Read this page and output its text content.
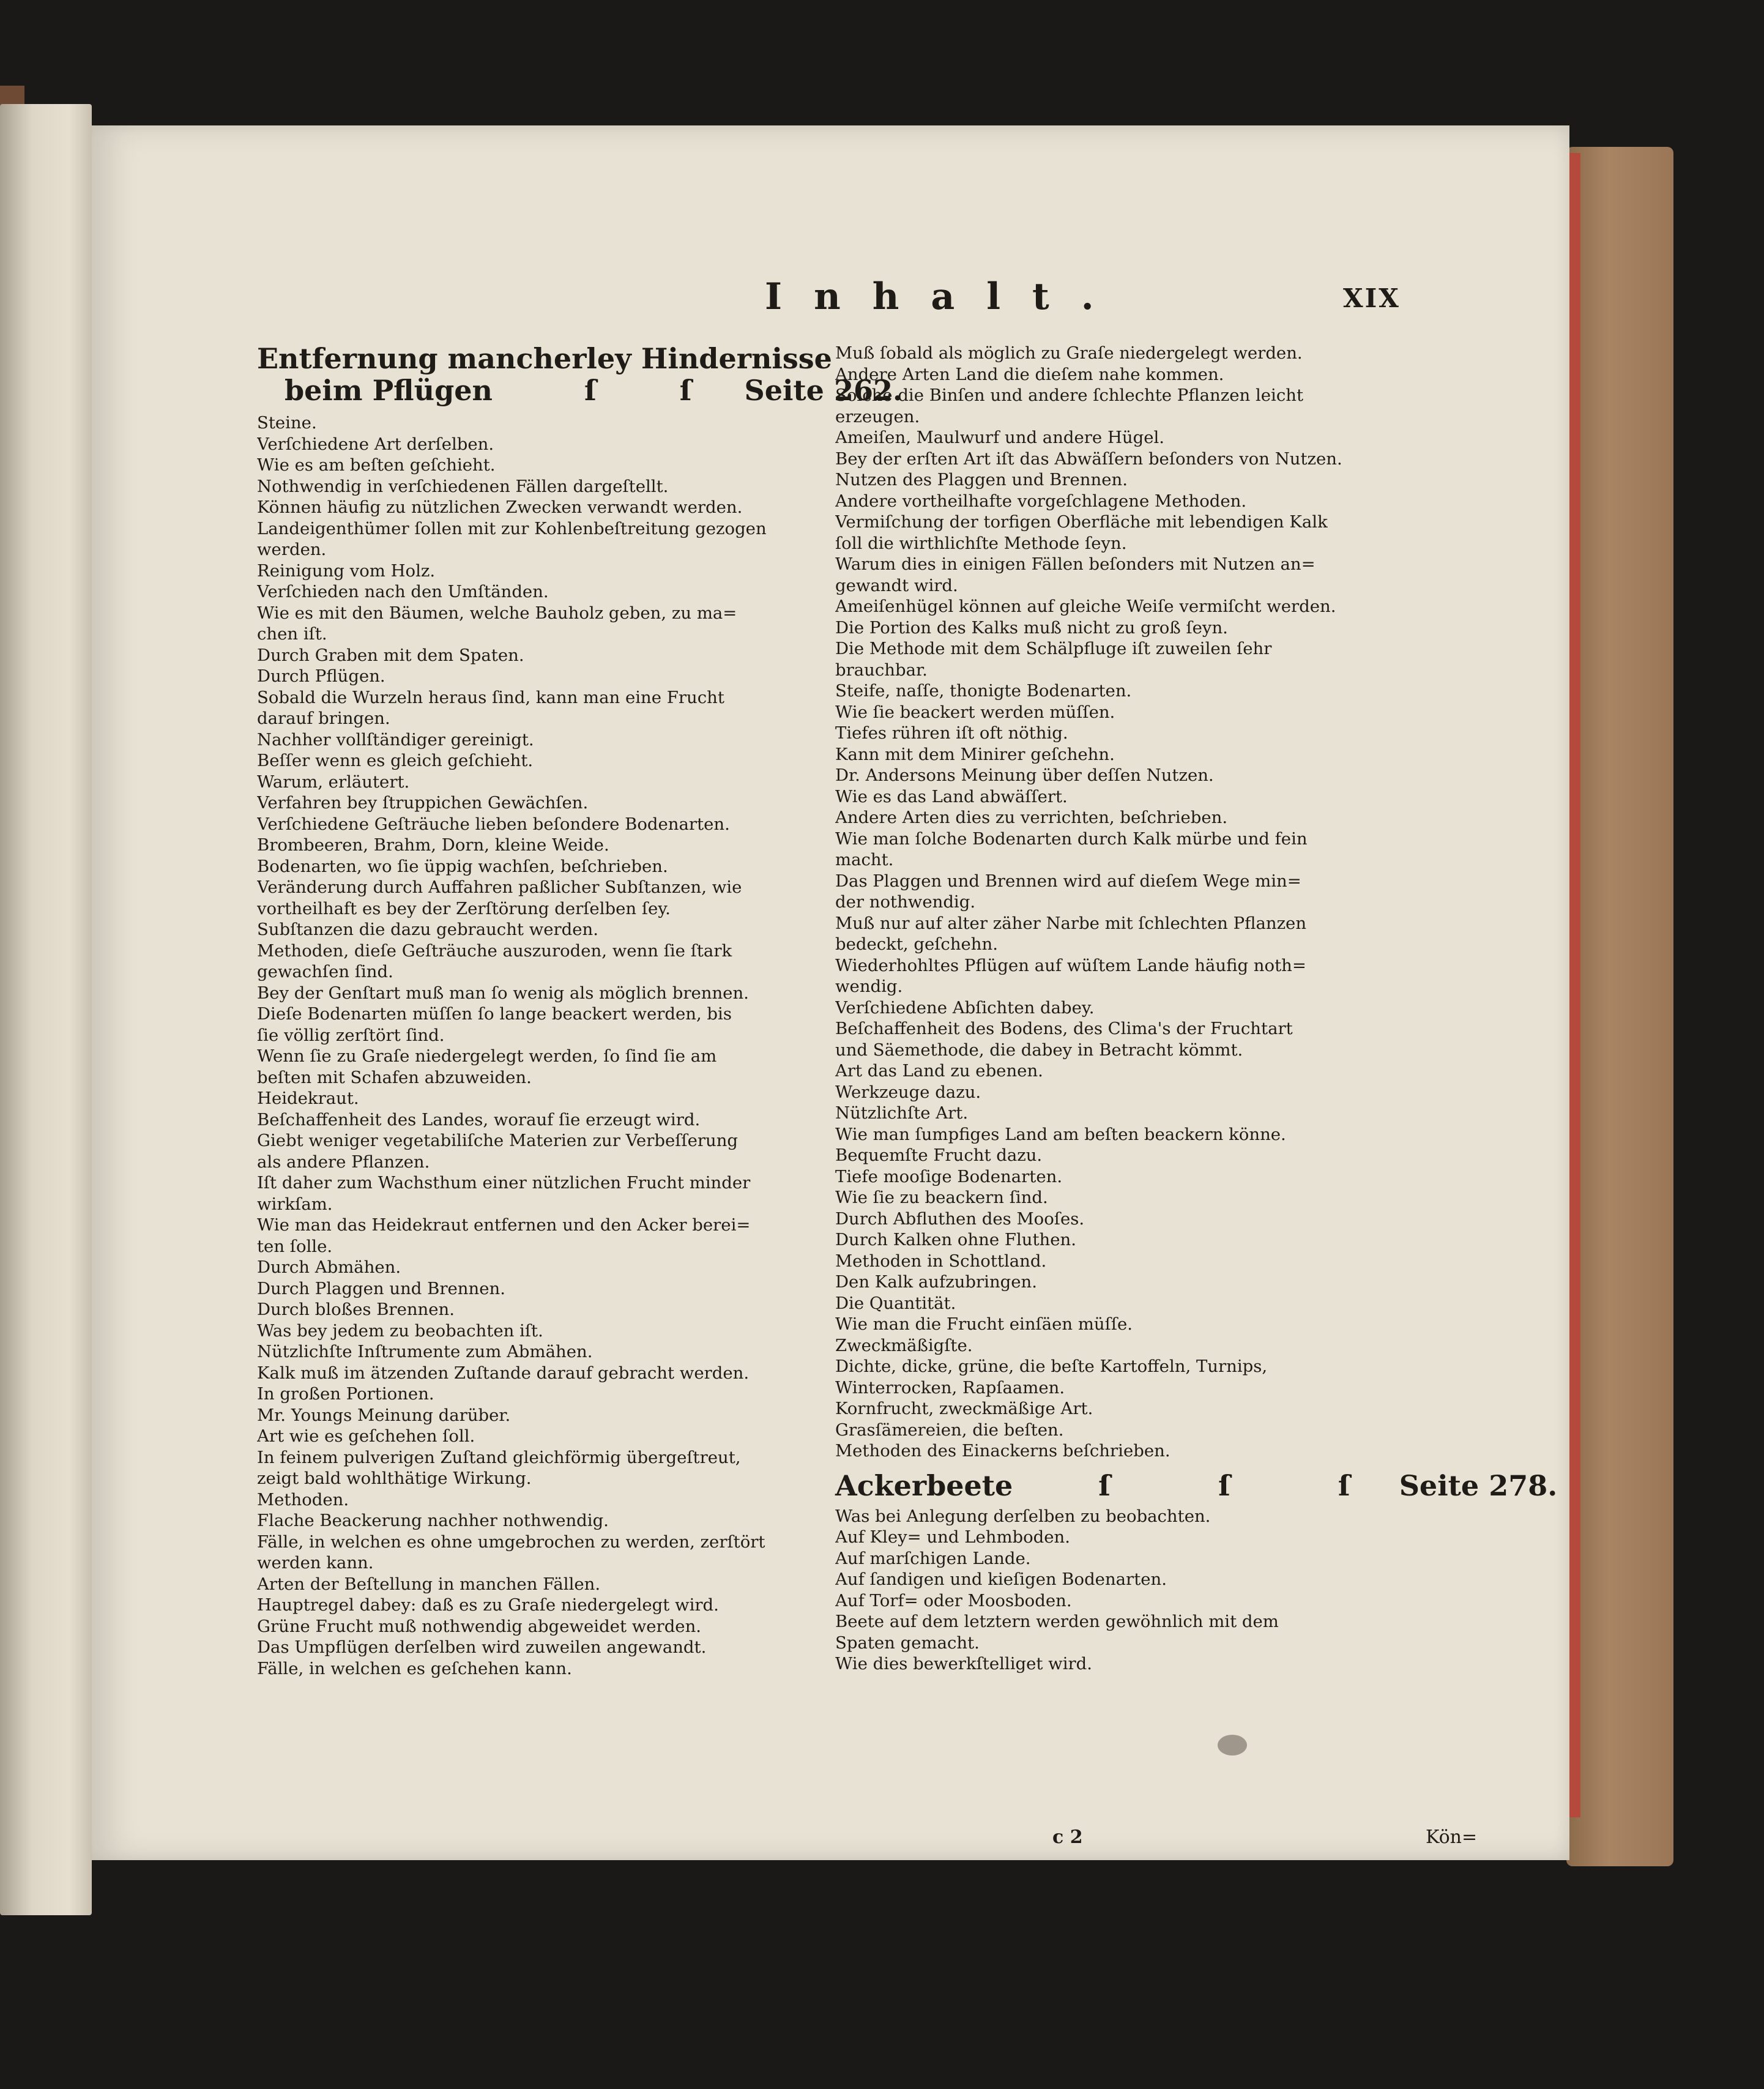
Inhalt.	XIX
Entfernung mancherley Hindernisse
beim Pflügen	ſ ſ Seite 262.
Steine.
Verſchiedene Art derſelben.
Wie es am beſten geſchieht.
Nothwendig in verſchiedenen Fällen dargeſtellt.
Können häufig zu nützlichen Zwecken verwandt werden.
Landeigenthümer ſollen mit zur Kohlenbeſtreitung gezogen
werden.
Reinigung vom Holz.
Verſchieden nach den Umſtänden.
Wie es mit den Bäumen, welche Bauholz geben, zu ma=
chen iſt.
Durch Graben mit dem Spaten.
Durch Pflügen.
Sobald die Wurzeln heraus ſind, kann man eine Frucht
darauf bringen.
Nachher vollſtändiger gereinigt.
Beſſer wenn es gleich geſchieht.
Warum, erläutert.
Verfahren bey ſtruppichen Gewächſen.
Verſchiedene Geſträuche lieben beſondere Bodenarten.
Brombeeren, Brahm, Dorn, kleine Weide.
Bodenarten, wo ſie üppig wachſen, beſchrieben.
Veränderung durch Auffahren paßlicher Subſtanzen, wie
vortheilhaft es bey der Zerſtörung derſelben ſey.
Subſtanzen die dazu gebraucht werden.
Methoden, dieſe Geſträuche auszuroden, wenn ſie ſtark
gewachſen ſind.
Bey der Genſtart muß man ſo wenig als möglich brennen.
Dieſe Bodenarten müſſen ſo lange beackert werden, bis
ſie völlig zerſtört ſind.
Wenn ſie zu Graſe niedergelegt werden, ſo ſind ſie am
beſten mit Schafen abzuweiden.
Heidekraut.
Beſchaffenheit des Landes, worauf ſie erzeugt wird.
Giebt weniger vegetabiliſche Materien zur Verbeſſerung
als andere Pflanzen.
Iſt daher zum Wachsthum einer nützlichen Frucht minder
wirkſam.
Wie man das Heidekraut entfernen und den Acker berei=
ten ſolle.
Durch Abmähen.
Durch Plaggen und Brennen.
Durch bloßes Brennen.
Was bey jedem zu beobachten iſt.
Nützlichſte Inſtrumente zum Abmähen.
Kalk muß im ätzenden Zuſtande darauf gebracht werden.
In großen Portionen.
Mr. Youngs Meinung darüber.
Art wie es geſchehen ſoll.
In feinem pulverigen Zuſtand gleichförmig übergeſtreut,
zeigt bald wohlthätige Wirkung.
Methoden.
Flache Beackerung nachher nothwendig.
Fälle, in welchen es ohne umgebrochen zu werden, zerſtört
werden kann.
Arten der Beſtellung in manchen Fällen.
Hauptregel dabey: daß es zu Graſe niedergelegt wird.
Grüne Frucht muß nothwendig abgeweidet werden.
Das Umpflügen derſelben wird zuweilen angewandt.
Fälle, in welchen es geſchehen kann.
Muß ſobald als möglich zu Graſe niedergelegt werden.
Andere Arten Land die dieſem nahe kommen.
Solche die Binſen und andere ſchlechte Pflanzen leicht
erzeugen.
Ameiſen, Maulwurf und andere Hügel.
Bey der erſten Art iſt das Abwäſſern beſonders von Nutzen.
Nutzen des Plaggen und Brennen.
Andere vortheilhafte vorgeſchlagene Methoden.
Vermiſchung der torfigen Oberfläche mit lebendigen Kalk
ſoll die wirthlichſte Methode ſeyn.
Warum dies in einigen Fällen beſonders mit Nutzen an=
gewandt wird.
Ameiſenhügel können auf gleiche Weiſe vermiſcht werden.
Die Portion des Kalks muß nicht zu groß ſeyn.
Die Methode mit dem Schälpfluge iſt zuweilen ſehr
brauchbar.
Steife, naſſe, thonigte Bodenarten.
Wie ſie beackert werden müſſen.
Tiefes rühren iſt oft nöthig.
Kann mit dem Minirer geſchehn.
Dr. Andersons Meinung über deſſen Nutzen.
Wie es das Land abwäſſert.
Andere Arten dies zu verrichten, beſchrieben.
Wie man ſolche Bodenarten durch Kalk mürbe und fein
macht.
Das Plaggen und Brennen wird auf dieſem Wege min=
der nothwendig.
Muß nur auf alter zäher Narbe mit ſchlechten Pflanzen
bedeckt, geſchehn.
Wiederhohltes Pflügen auf wüſtem Lande häufig noth=
wendig.
Verſchiedene Abſichten dabey.
Beſchaffenheit des Bodens, des Clima's der Fruchtart
und Säemethode, die dabey in Betracht kömmt.
Art das Land zu ebenen.
Werkzeuge dazu.
Nützlichſte Art.
Wie man ſumpfiges Land am beſten beackern könne.
Bequemſte Frucht dazu.
Tiefe mooſige Bodenarten.
Wie ſie zu beackern ſind.
Durch Abfluthen des Mooſes.
Durch Kalken ohne Fluthen.
Methoden in Schottland.
Den Kalk aufzubringen.
Die Quantität.
Wie man die Frucht einſäen müſſe.
Zweckmäßigſte.
Dichte, dicke, grüne, die beſte Kartoffeln, Turnips,
Winterrocken, Rapſaamen.
Kornfrucht, zweckmäßige Art.
Grasſämereien, die beſten.
Methoden des Einackerns beſchrieben.
Ackerbeete	ſ ſ ſ Seite 278.
Was bei Anlegung derſelben zu beobachten.
Auf Kley= und Lehmboden.
Auf marſchigen Lande.
Auf ſandigen und kieſigen Bodenarten.
Auf Torf= oder Moosboden.
Beete auf dem letztern werden gewöhnlich mit dem
Spaten gemacht.
Wie dies bewerkſtelliget wird.
c 2	Kön=
